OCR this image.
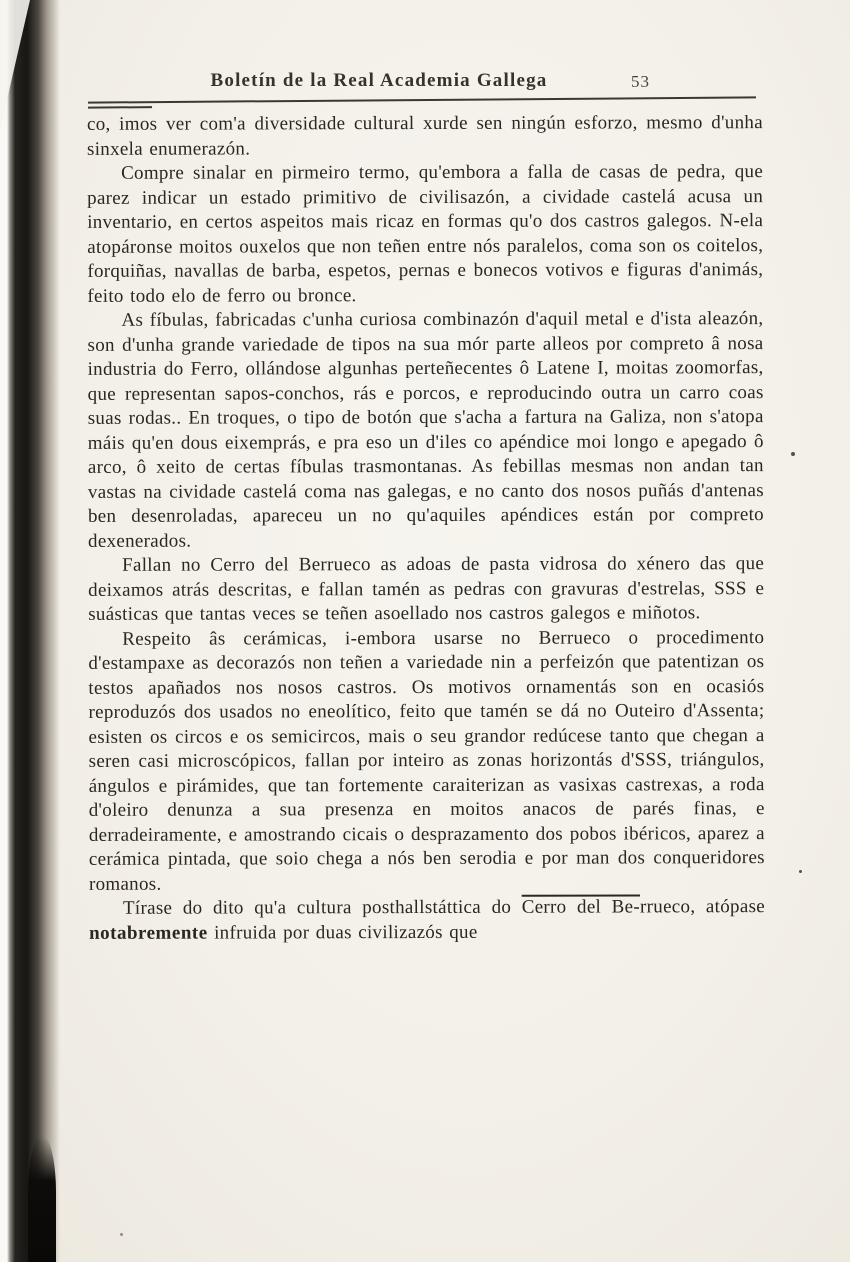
Boletín de la Real Academia Gallega	53

co, imos ver com'a diversidade cultural xurde sen ningún esforzo, mesmo d'unha sinxela enumerazón.

Compre sinalar en pirmeiro termo, qu'embora a falla de casas de pedra, que parez indicar un estado primitivo de civilisazón, a cividade castelá acusa un inventario, en certos aspeitos mais ricaz en formas qu'o dos castros galegos. N-ela atopáronse moitos ouxelos que non teñen entre nós paralelos, coma son os coitelos, forquiñas, navallas de barba, espetos, pernas e bonecos votivos e figuras d'animás, feito todo elo de ferro ou bronce.

As fíbulas, fabricadas c'unha curiosa combinazón d'aquil metal e d'ista aleazón, son d'unha grande variedade de tipos na sua mór parte alleos por compreto â nosa industria do Ferro, ollándose algunhas perteñecentes ô Latene I, moitas zoomorfas, que representan sapos-conchos, rás e porcos, e reproducindo outra un carro coas suas rodas.. En troques, o tipo de botón que s'acha a fartura na Galiza, non s'atopa máis qu'en dous eixemprás, e pra eso un d'iles co apéndice moi longo e apegado ô arco, ô xeito de certas fíbulas trasmontanas. As febillas mesmas non andan tan vastas na cividade castelá coma nas galegas, e no canto dos nosos puñás d'antenas ben desenroladas, apareceu un no qu'aquiles apéndices están por compreto dexenerados.

Fallan no Cerro del Berrueco as adoas de pasta vidrosa do xénero das que deixamos atrás descritas, e fallan tamén as pedras con gravuras d'estrelas, SSS e suásticas que tantas veces se teñen asoellado nos castros galegos e miñotos.

Respeito âs cerámicas, i-embora usarse no Berrueco o procedimento d'estampaxe as decorazós non teñen a variedade nin a perfeizón que patentizan os testos apañados nos nosos castros. Os motivos ornamentás son en ocasiós reproduzós dos usados no eneolítico, feito que tamén se dá no Outeiro d'Assenta; esisten os circos e os semicircos, mais o seu grandor redúcese tanto que chegan a seren casi microscópicos, fallan por inteiro as zonas horizontás d'SSS, triángulos, ángulos e pirámides, que tan fortemente caraiterizan as vasixas castrexas, a roda d'oleiro denunza a sua presenza en moitos anacos de parés finas, e derradeiramente, e amostrando cicais o desprazamento dos pobos ibéricos, aparez a cerámica pintada, que soio chega a nós ben serodia e por man dos conqueridores romanos.

Tírase do dito qu'a cultura posthallstáttica do Cerro del Be-rrueco, atópase notabremente infruida por duas civilizazós que
